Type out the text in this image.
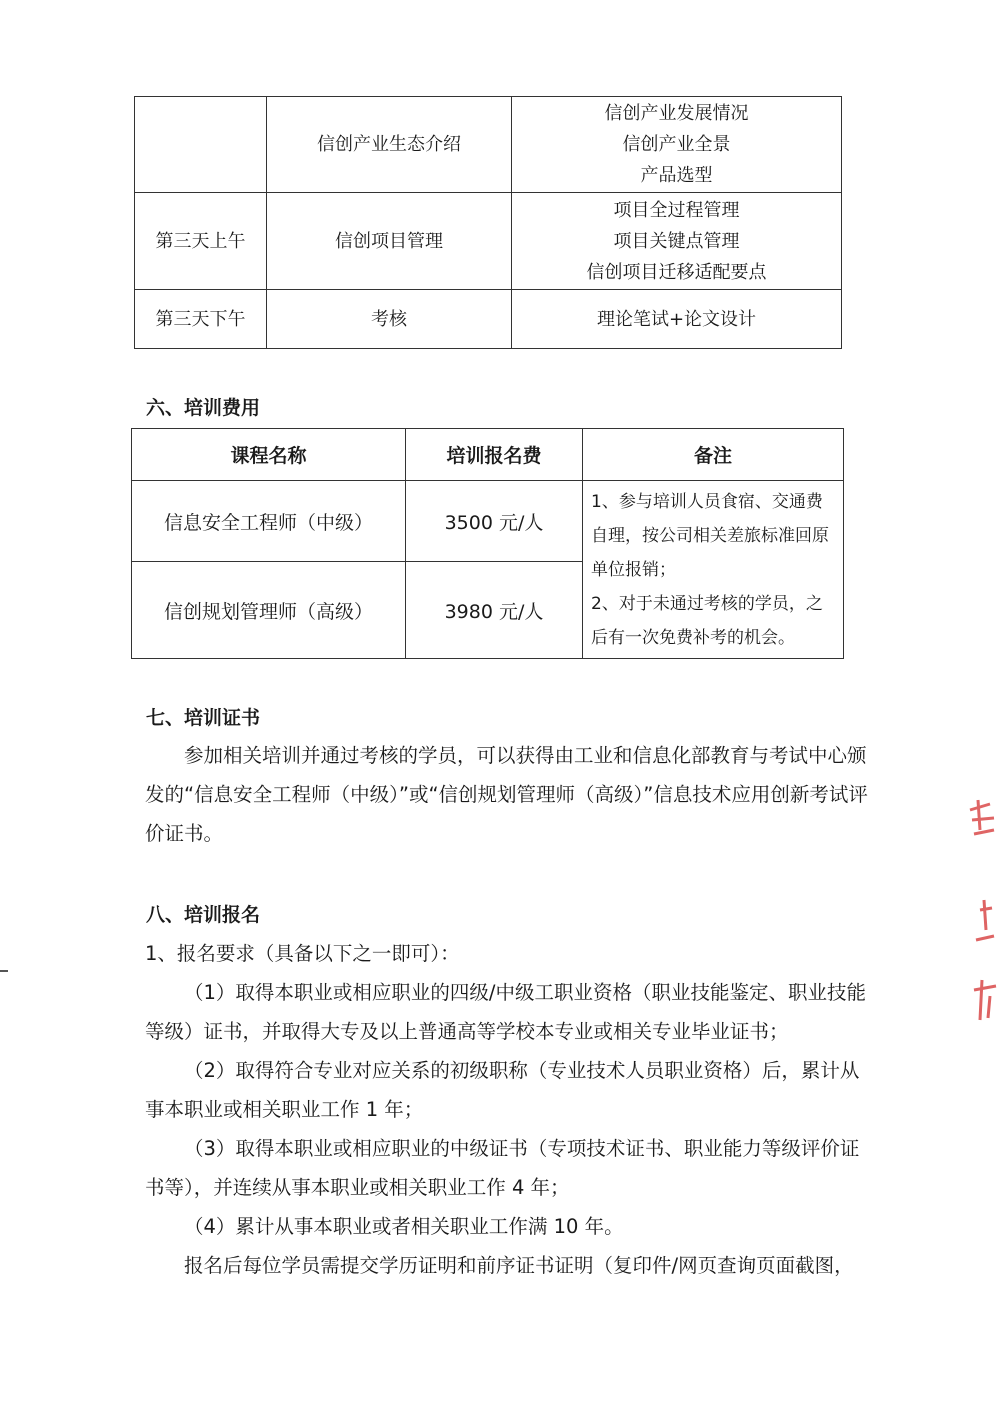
	信创产业生态介绍	信创产业发展情况
信创产业全景
产品选型

第三天上午	信创项目管理	项目全过程管理
项目关键点管理
信创项目迁移适配要点

第三天下午	考核	理论笔试+论文设计
六、培训费用
课程名称	培训报名费	备注
信息安全工程师（中级）	3500 元/人	1、参与培训人员食宿、交通费自理，按公司相关差旅标准回原单位报销；
2、对于未通过考核的学员，之后有一次免费补考的机会。

信创规划管理师（高级）	3980 元/人	
七、培训证书

参加相关培训并通过考核的学员，可以获得由工业和信息化部教育与考试中心颁发的“信息安全工程师（中级）”或“信创规划管理师（高级）”信息技术应用创新考试评价证书。

八、培训报名
1、报名要求（具备以下之一即可）：

（1）取得本职业或相应职业的四级/中级工职业资格（职业技能鉴定、职业技能等级）证书，并取得大专及以上普通高等学校本专业或相关专业毕业证书；

（2）取得符合专业对应关系的初级职称（专业技术人员职业资格）后，累计从事本职业或相关职业工作 1 年；

（3）取得本职业或相应职业的中级证书（专项技术证书、职业能力等级评价证书等），并连续从事本职业或相关职业工作 4 年；

（4）累计从事本职业或者相关职业工作满 10 年。

报名后每位学员需提交学历证明和前序证书证明（复印件/网页查询页面截图，
